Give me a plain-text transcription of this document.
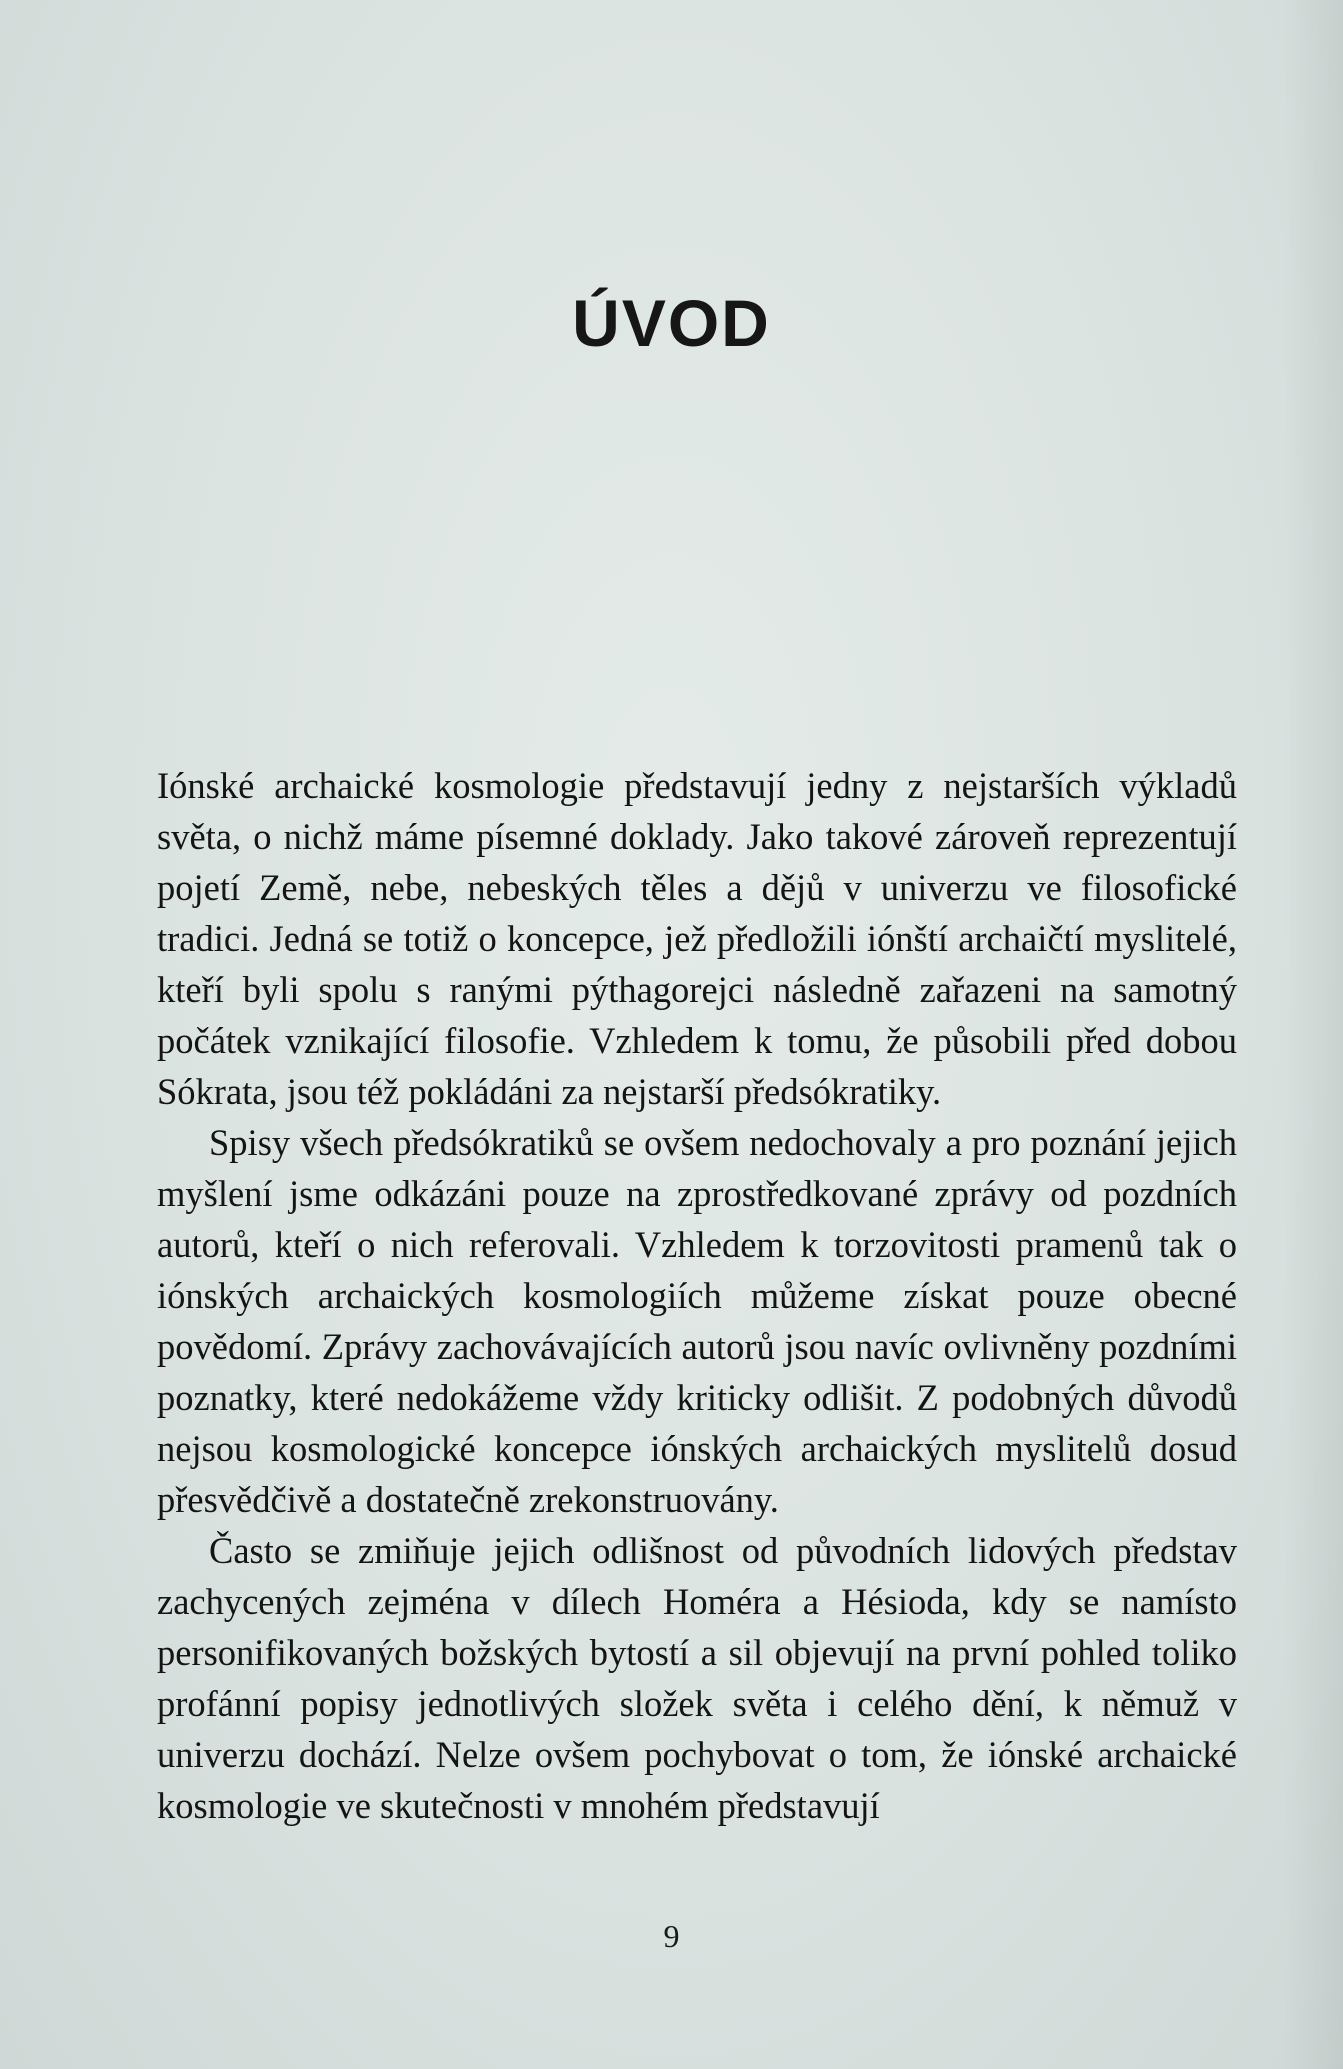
ÚVOD

Iónské archaické kosmologie představují jedny z nejstarších výkladů světa, o nichž máme písemné doklady. Jako takové zároveň reprezentují pojetí Země, nebe, nebeských těles a dějů v univerzu ve filosofické tradici. Jedná se totiž o koncepce, jež předložili iónští archaičtí myslitelé, kteří byli spolu s ranými pýthagorejci následně zařazeni na samotný počátek vznikající filosofie. Vzhledem k tomu, že působili před dobou Sókrata, jsou též pokládáni za nejstarší předsókratiky.

Spisy všech předsókratiků se ovšem nedochovaly a pro poznání jejich myšlení jsme odkázáni pouze na zprostředkované zprávy od pozdních autorů, kteří o nich referovali. Vzhledem k torzovitosti pramenů tak o iónských archaických kosmologiích můžeme získat pouze obecné povědomí. Zprávy zachovávajících autorů jsou navíc ovlivněny pozdními poznatky, které nedokážeme vždy kriticky odlišit. Z podobných důvodů nejsou kosmologické koncepce iónských archaických myslitelů dosud přesvědčivě a dostatečně zrekonstruovány.

Často se zmiňuje jejich odlišnost od původních lidových představ zachycených zejména v dílech Homéra a Hésioda, kdy se namísto personifikovaných božských bytostí a sil objevují na první pohled toliko profánní popisy jednotlivých složek světa i celého dění, k němuž v univerzu dochází. Nelze ovšem pochybovat o tom, že iónské archaické kosmologie ve skutečnosti v mnohém představují

9
